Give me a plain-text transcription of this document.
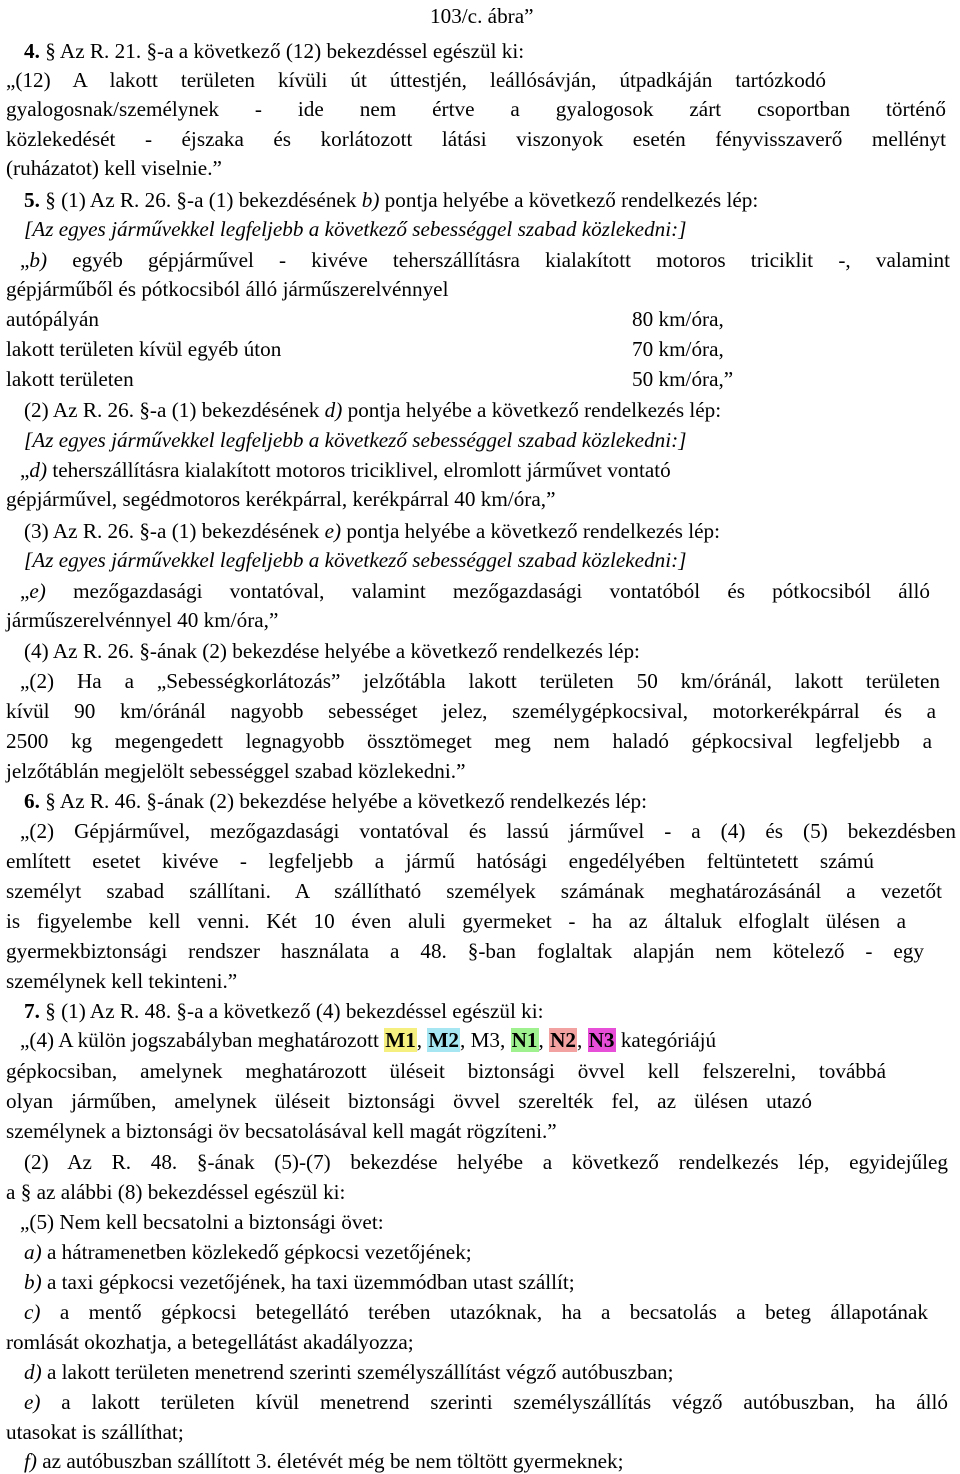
103/c. ábra”
4. § Az R. 21. §-a a következő (12) bekezdéssel egészül ki:
„(12) A lakott területen kívüli út úttestjén, leállósávján, útpadkáján tartózkodó
gyalogosnak/személynek - ide nem értve a gyalogosok zárt csoportban történő
közlekedését - éjszaka és korlátozott látási viszonyok esetén fényvisszaverő mellényt
(ruházatot) kell viselnie.”
5. § (1) Az R. 26. §-a (1) bekezdésének b) pontja helyébe a következő rendelkezés lép:
[Az egyes járművekkel legfeljebb a következő sebességgel szabad közlekedni:]
„b) egyéb gépjárművel - kivéve teherszállításra kialakított motoros triciklit -, valamint
gépjárműből és pótkocsiból álló járműszerelvénnyel
autópályán	80 km/óra,
lakott területen kívül egyéb úton	70 km/óra,
lakott területen	50 km/óra,”
(2) Az R. 26. §-a (1) bekezdésének d) pontja helyébe a következő rendelkezés lép:
[Az egyes járművekkel legfeljebb a következő sebességgel szabad közlekedni:]
„d) teherszállításra kialakított motoros triciklivel, elromlott járművet vontató
gépjárművel, segédmotoros kerékpárral, kerékpárral 40 km/óra,”
(3) Az R. 26. §-a (1) bekezdésének e) pontja helyébe a következő rendelkezés lép:
[Az egyes járművekkel legfeljebb a következő sebességgel szabad közlekedni:]
„e) mezőgazdasági vontatóval, valamint mezőgazdasági vontatóból és pótkocsiból álló
járműszerelvénnyel 40 km/óra,”
(4) Az R. 26. §-ának (2) bekezdése helyébe a következő rendelkezés lép:
„(2) Ha a „Sebességkorlátozás” jelzőtábla lakott területen 50 km/óránál, lakott területen
kívül 90 km/óránál nagyobb sebességet jelez, személygépkocsival, motorkerékpárral és a
2500 kg megengedett legnagyobb össztömeget meg nem haladó gépkocsival legfeljebb a
jelzőtáblán megjelölt sebességgel szabad közlekedni.”
6. § Az R. 46. §-ának (2) bekezdése helyébe a következő rendelkezés lép:
„(2) Gépjárművel, mezőgazdasági vontatóval és lassú járművel - a (4) és (5) bekezdésben
említett esetet kivéve - legfeljebb a jármű hatósági engedélyében feltüntetett számú
személyt szabad szállítani. A szállítható személyek számának meghatározásánál a vezetőt
is figyelembe kell venni. Két 10 éven aluli gyermeket - ha az általuk elfoglalt ülésen a
gyermekbiztonsági rendszer használata a 48. §-ban foglaltak alapján nem kötelező - egy
személynek kell tekinteni.”
7. § (1) Az R. 48. §-a a következő (4) bekezdéssel egészül ki:
„(4) A külön jogszabályban meghatározott M1, M2, M3, N1, N2, N3 kategóriájú
gépkocsiban, amelynek meghatározott üléseit biztonsági övvel kell felszerelni, továbbá
olyan járműben, amelynek üléseit biztonsági övvel szerelték fel, az ülésen utazó
személynek a biztonsági öv becsatolásával kell magát rögzíteni.”
(2) Az R. 48. §-ának (5)-(7) bekezdése helyébe a következő rendelkezés lép, egyidejűleg
a § az alábbi (8) bekezdéssel egészül ki:
„(5) Nem kell becsatolni a biztonsági övet:
a) a hátramenetben közlekedő gépkocsi vezetőjének;
b) a taxi gépkocsi vezetőjének, ha taxi üzemmódban utast szállít;
c) a mentő gépkocsi betegellátó terében utazóknak, ha a becsatolás a beteg állapotának
romlását okozhatja, a betegellátást akadályozza;
d) a lakott területen menetrend szerinti személyszállítást végző autóbuszban;
e) a lakott területen kívül menetrend szerinti személyszállítás végző autóbuszban, ha álló
utasokat is szállíthat;
f) az autóbuszban szállított 3. életévét még be nem töltött gyermeknek;
